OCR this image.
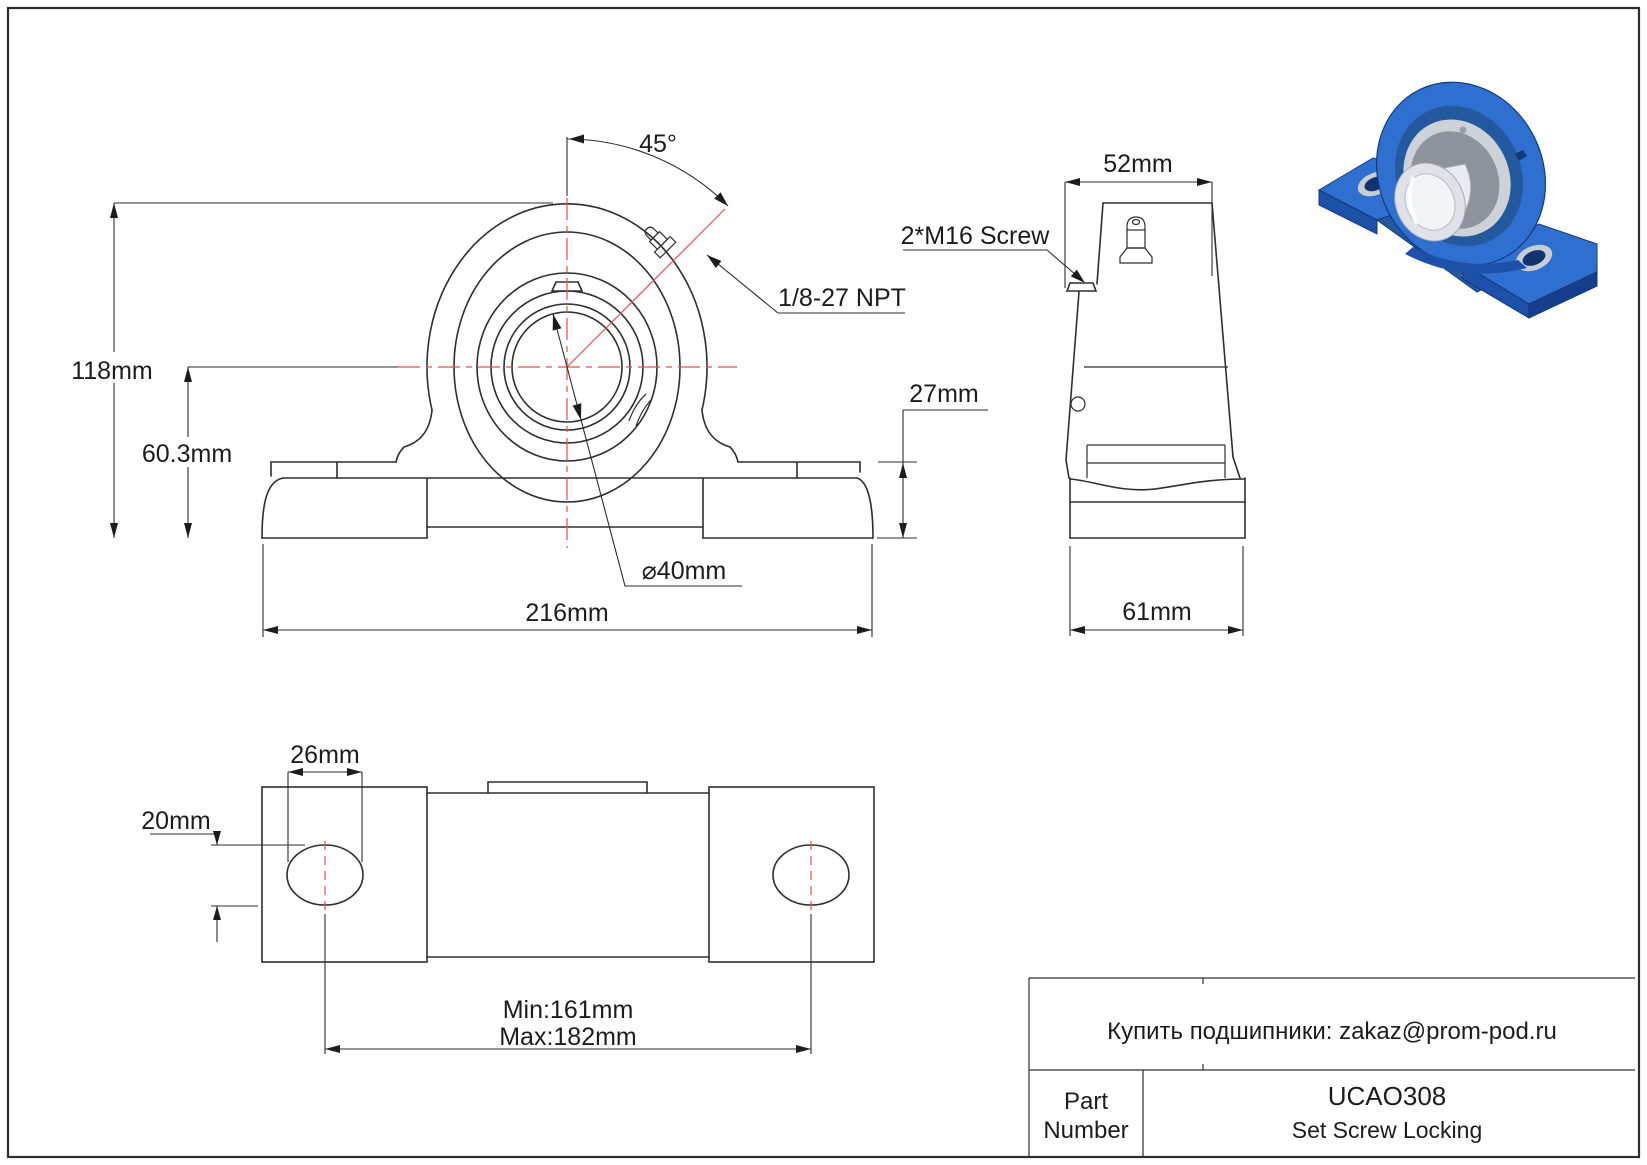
45°
118mm
60.3mm
216mm
⌀40mm
1/8-27 NPT
52mm
2*M16 Screw
27mm
61mm
26mm
20mm
Min:161mm
Max:182mm	Купить подшипники: zakaz@prom-pod.ru
Part
Number
UCAO308
Set Screw Locking
